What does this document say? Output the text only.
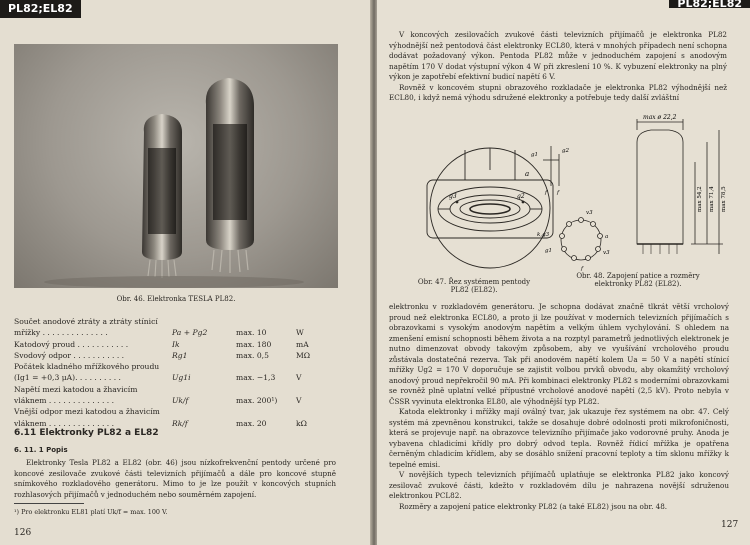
PL82;EL82
Obr. 46. Elektronka TESLA PL82.
Součet anodové ztráty a ztráty stínicí
mřížky . . . . . . . . . . . . . .	Pa + Pg2	max. 10	W
Katodový proud . . . . . . . . . . .	Ik	max. 180	mA
Svodový odpor . . . . . . . . . . .	Rg1	max. 0,5	MΩ
Počátek kladného mřížkového proudu
(Ig1 = +0,3 μA). . . . . . . . . .	Ug1i	max. −1,3	V
Napětí mezi katodou a žhavicím
vláknem . . . . . . . . . . . . . .	Uk/f	max. 200¹) V
Vnější odpor mezi katodou a žhavicím
vláknem . . . . . . . . . . . . . .	Rk/f	max. 20	kΩ
6.11 Elektronky PL82 a EL82
6. 11. 1 Popis

Elektronky Tesla PL82 a EL82 (obr. 46) jsou nízkofrekvenční pentody určené pro koncové zesilovače zvukové části televizních přijímačů a dále pro koncové stupně snímkového rozkladového generátoru. Mimo to je lze použít v koncových stupních rozhlasových přijímačů v jednoduchém nebo souměrném zapojení.

¹) Pro elektronku EL81 platí Uk/f = max. 100 V.
126
PL82;EL82

V koncových zesilovačích zvukové části televizních přijímačů je elektronka PL82 výhodnější než pentodová část elektronky ECL80, která v mnohých případech není schopna dodávat požadovaný výkon. Pentoda PL82 může v jednoduchém zapojení s anodovým napětím 170 V dodat výstupní výkon 4 W při zkreslení 10 %. K vybuzení elektronky na plný výkon je zapotřebí efektivní budicí napětí 6 V.

Rovněž v koncovém stupni obrazového rozkladače je elektronka PL82 výhodnější než ECL80, i když nemá výhodu sdružené elektronky a potřebuje tedy další zvláštní

a
g3	g2
g1
g2
f f
max ø 22,2
max 54,2 max 71,4 max 78,5
v3
a
v3
k,g3
g1
f
Obr. 47. Řez systémem pentody PL82 (EL82).
Obr. 48. Zapojení patice a rozměry elektronky PL82 (EL82).

elektronku v rozkladovém generátoru. Je schopna dodávat značně tlkrát větší vrcholový proud než elektronka ECL80, a proto ji lze používat v moderních televizních přijímačích s obrazovkami s vysokým anodovým napětím a velkým úhlem vychylování. S ohledem na zmenšení emisní schopnosti během života a na rozptyl parametrů jednotlivých elektronek je nutno dimenzovat obvody takovým způsobem, aby ve vyušívání vrcholového proudu zůstávala dostatečná rezerva. Tak při anodovém napětí kolem Ua = 50 V a napětí stínicí mřížky Ug2 = 170 V doporučuje se zajistit volbou prvků obvodu, aby okamžitý vrcholový anodový proud nepřekročil 90 mA. Při kombinaci elektronky PL82 s moderními obrazovkami se rovněž plně uplatní velké přípustné vrcholové anodové napětí (2,5 kV). Proto nebyla v ČSSR vyvinuta elektronka EL80, ale výhodnější typ PL82.

Katoda elektronky i mřížky mají oválný tvar, jak ukazuje řez systémem na obr. 47. Celý systém má zpevněnou konstrukci, takže se dosahuje dobré odolnosti proti mikrofoničnosti, která se projevuje např. na obrazovce televizního přijímače jako vodorovné pruhy. Anoda je vybavena chladicími křídly pro dobrý odvod tepla. Rovněž řídicí mřížka je opatřena černěným chladicím křídlem, aby se dosáhlo snížení pracovní teploty a tím sklonu mřížky k tepelné emisi.

V novějších typech televizních přijímačů uplatňuje se elektronka PL82 jako koncový zesilovač zvukové části, kdežto v rozkladovém dílu je nahrazena novější sdruženou elektronkou PCL82.

Rozměry a zapojení patice elektronky PL82 (a také EL82) jsou na obr. 48.

127
